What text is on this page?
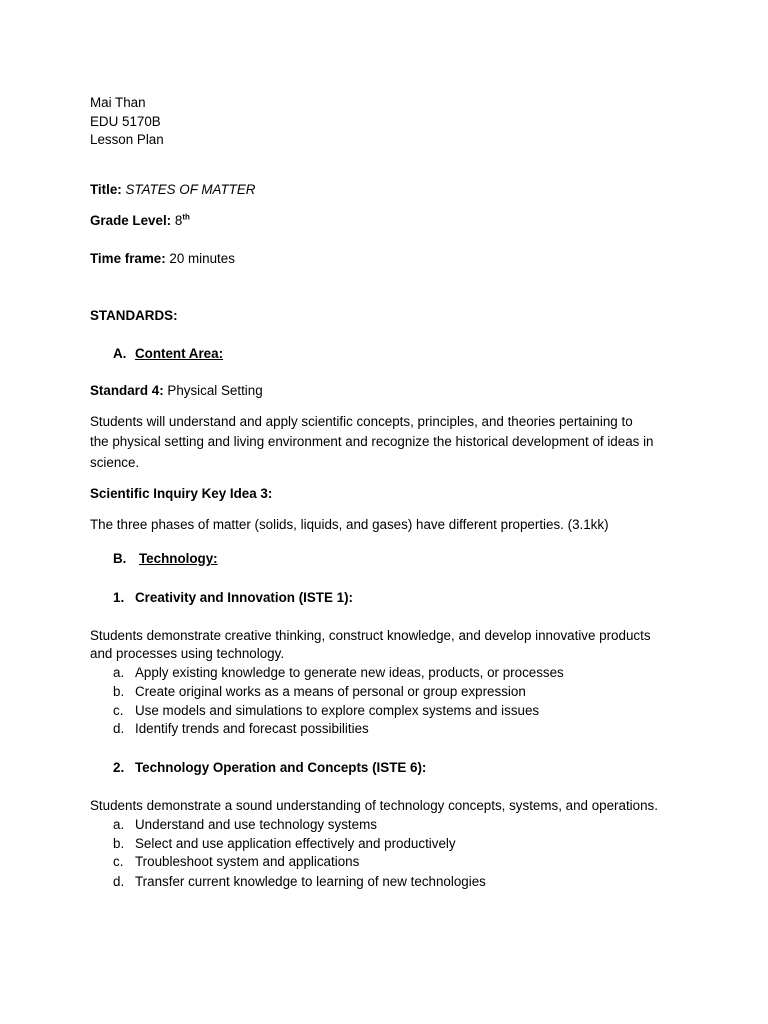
Mai Than
EDU 5170B
Lesson Plan
Title: STATES OF MATTER
Grade Level: 8th
Time frame: 20 minutes
STANDARDS:
A. Content Area:
Standard 4: Physical Setting
Students will understand and apply scientific concepts, principles, and theories pertaining to
the physical setting and living environment and recognize the historical development of ideas in
science.
Scientific Inquiry Key Idea 3:
The three phases of matter (solids, liquids, and gases) have different properties. (3.1kk)
B. Technology:
1. Creativity and Innovation (ISTE 1):
Students demonstrate creative thinking, construct knowledge, and develop innovative products
and processes using technology.
a. Apply existing knowledge to generate new ideas, products, or processes
b. Create original works as a means of personal or group expression
c. Use models and simulations to explore complex systems and issues
d. Identify trends and forecast possibilities
2. Technology Operation and Concepts (ISTE 6):
Students demonstrate a sound understanding of technology concepts, systems, and operations.
a. Understand and use technology systems
b. Select and use application effectively and productively
c. Troubleshoot system and applications
d. Transfer current knowledge to learning of new technologies
